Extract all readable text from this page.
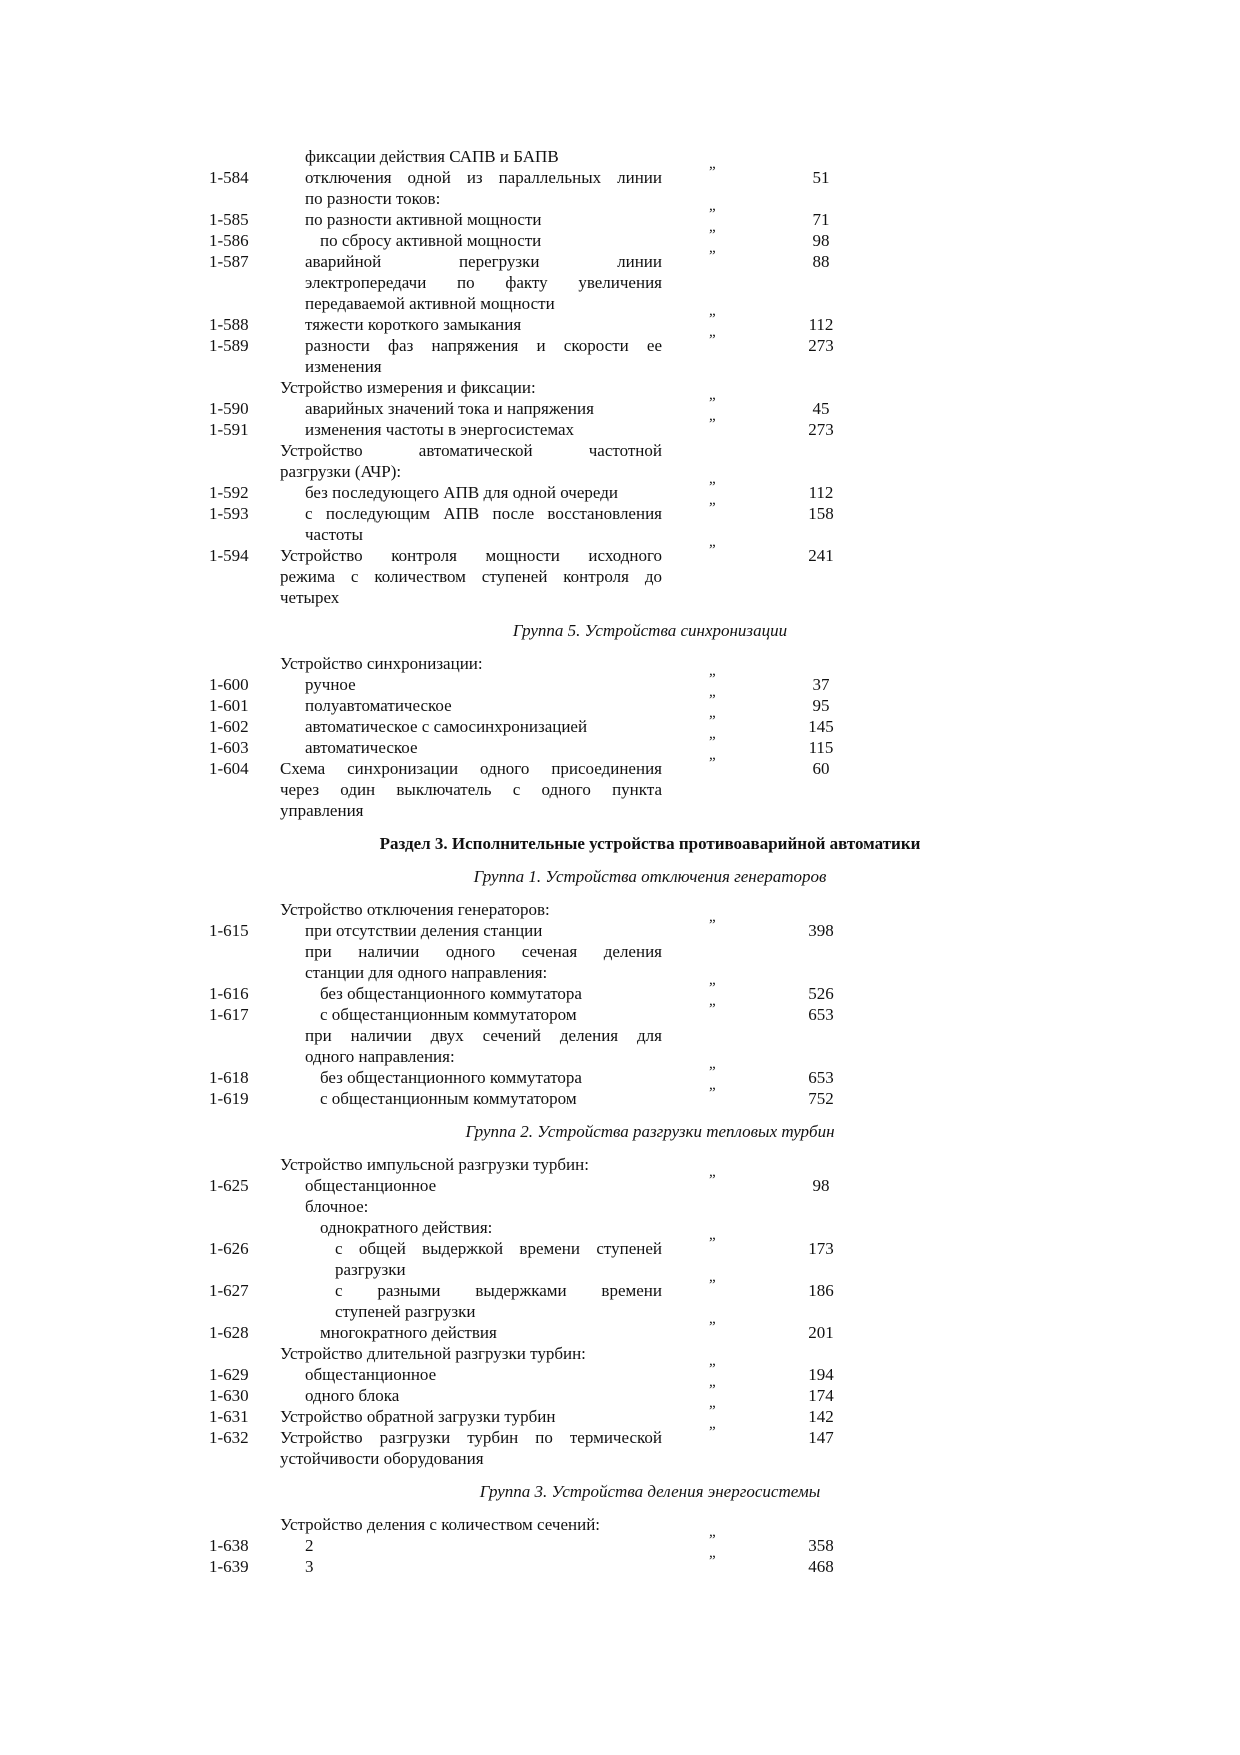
фиксации действия САПВ и БАПВ
1-584	отключения одной из параллельных линии	”	51
по разности токов:
1-585	по разности активной мощности	”	71
1-586	по сбросу активной мощности	”	98
1-587	аварийной перегрузки линии	”	88
электропередачи по факту увеличения
передаваемой активной мощности
1-588	тяжести короткого замыкания	”	112
1-589	разности фаз напряжения и скорости ее	”	273
изменения
Устройство измерения и фиксации:
1-590	аварийных значений тока и напряжения	”	45
1-591	изменения частоты в энергосистемах	”	273
Устройство автоматической частотной
разгрузки (АЧР):
1-592	без последующего АПВ для одной очереди	”	112
1-593	с последующим АПВ после восстановления	”	158
частоты
1-594 Устройство контроля мощности исходного	”	241
режима с количеством ступеней контроля до
четырех
Группа 5. Устройства синхронизации
Устройство синхронизации:
1-600	ручное	”	37
1-601	полуавтоматическое	”	95
1-602	автоматическое с самосинхронизацией	”	145
1-603	автоматическое	”	115
1-604 Схема синхронизации одного присоединения	”	60
через один выключатель с одного пункта
управления
Раздел 3. Исполнительные устройства противоаварийной автоматики
Группа 1. Устройства отключения генераторов
Устройство отключения генераторов:
1-615	при отсутствии деления станции	”	398
при наличии одного сеченая деления
станции для одного направления:
1-616	без общестанционного коммутатора	”	526
1-617	с общестанционным коммутатором	”	653
при наличии двух сечений деления для
одного направления:
1-618	без общестанционного коммутатора	”	653
1-619	с общестанционным коммутатором	”	752
Группа 2. Устройства разгрузки тепловых турбин
Устройство импульсной разгрузки турбин:
1-625	общестанционное	”	98
блочное:
однократного действия:
1-626	с общей выдержкой времени ступеней	”	173
разгрузки
1-627	с разными выдержками времени	”	186
ступеней разгрузки
1-628	многократного действия	”	201
Устройство длительной разгрузки турбин:
1-629	общестанционное	”	194
1-630	одного блока	”	174
1-631 Устройство обратной загрузки турбин	”	142
1-632 Устройство разгрузки турбин по термической	”	147
устойчивости оборудования
Группа 3. Устройства деления энергосистемы
Устройство деления с количеством сечений:
1-638	2	”	358
1-639	3	”	468
